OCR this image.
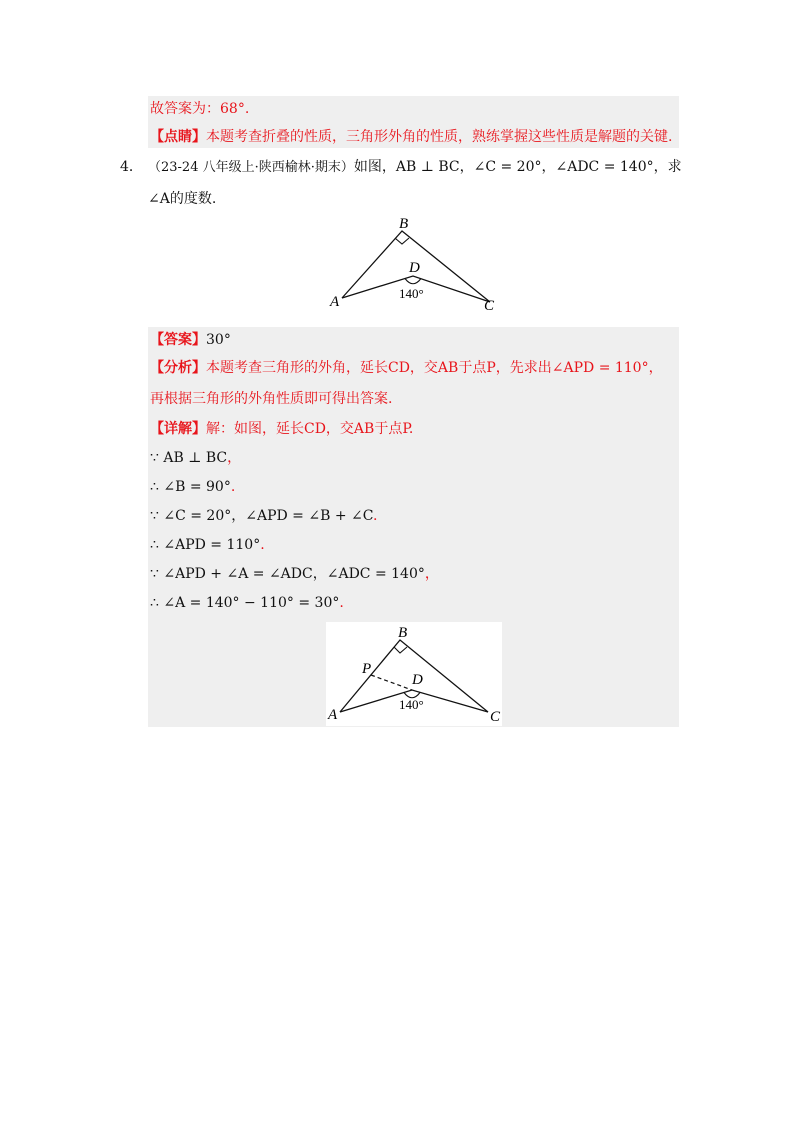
故答案为：68°.
【点睛】本题考查折叠的性质，三角形外角的性质，熟练掌握这些性质是解题的关键.
4． （23-24 八年级上·陕西榆林·期末）如图，AB ⊥ BC，∠C = 20°，∠ADC = 140°，求
∠A的度数.
B
D
A	C
140°
【答案】30°
【分析】本题考查三角形的外角，延长CD，交AB于点P，先求出∠APD = 110°，
再根据三角形的外角性质即可得出答案.
【详解】解：如图，延长CD，交AB于点P.
∵ AB ⊥ BC，
∴ ∠B = 90°.
∵ ∠C = 20°，∠APD = ∠B + ∠C.
∴ ∠APD = 110°.
∵ ∠APD + ∠A = ∠ADC，∠ADC = 140°，
∴ ∠A = 140° − 110° = 30°.
B
P
D
A	C
140°
